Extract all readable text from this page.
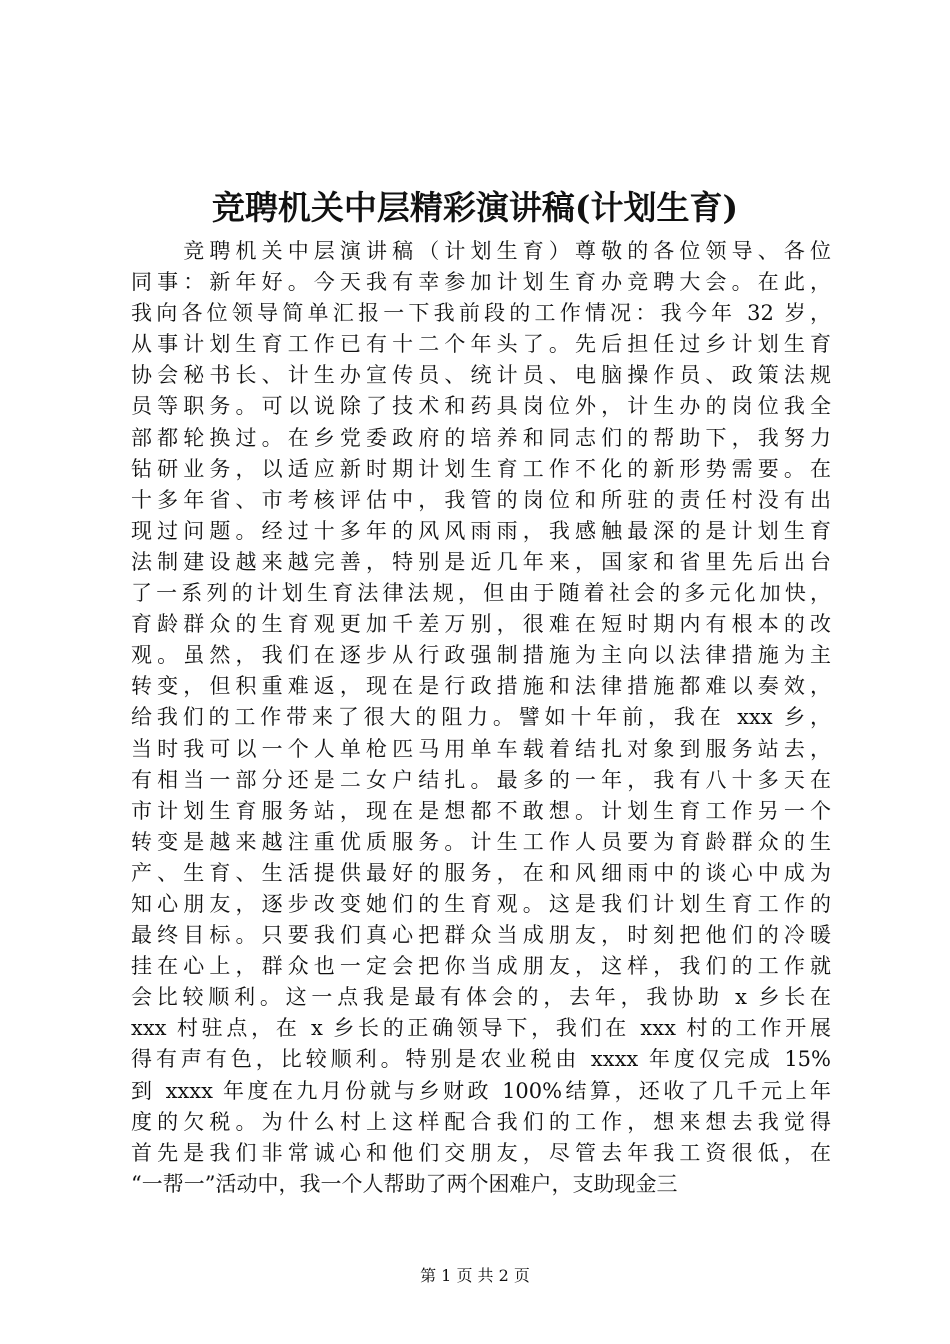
竞聘机关中层精彩演讲稿(计划生育)
　　竞聘机关中层演讲稿（计划生育）尊敬的各位领导、各位
同事：新年好。今天我有幸参加计划生育办竞聘大会。在此，
我向各位领导简单汇报一下我前段的工作情况：我今年 32 岁，
从事计划生育工作已有十二个年头了。先后担任过乡计划生育
协会秘书长、计生办宣传员、统计员、电脑操作员、政策法规
员等职务。可以说除了技术和药具岗位外，计生办的岗位我全
部都轮换过。在乡党委政府的培养和同志们的帮助下，我努力
钻研业务，以适应新时期计划生育工作不化的新形势需要。在
十多年省、市考核评估中，我管的岗位和所驻的责任村没有出
现过问题。经过十多年的风风雨雨，我感触最深的是计划生育
法制建设越来越完善，特别是近几年来，国家和省里先后出台
了一系列的计划生育法律法规，但由于随着社会的多元化加快，
育龄群众的生育观更加千差万别，很难在短时期内有根本的改
观。虽然，我们在逐步从行政强制措施为主向以法律措施为主
转变，但积重难返，现在是行政措施和法律措施都难以奏效，
给我们的工作带来了很大的阻力。譬如十年前，我在 xxx 乡，
当时我可以一个人单枪匹马用单车载着结扎对象到服务站去，
有相当一部分还是二女户结扎。最多的一年，我有八十多天在
市计划生育服务站，现在是想都不敢想。计划生育工作另一个
转变是越来越注重优质服务。计生工作人员要为育龄群众的生
产、生育、生活提供最好的服务，在和风细雨中的谈心中成为
知心朋友，逐步改变她们的生育观。这是我们计划生育工作的
最终目标。只要我们真心把群众当成朋友，时刻把他们的冷暖
挂在心上，群众也一定会把你当成朋友，这样，我们的工作就
会比较顺利。这一点我是最有体会的，去年，我协助 x 乡长在
xxx 村驻点，在 x 乡长的正确领导下，我们在 xxx 村的工作开展
得有声有色，比较顺利。特别是农业税由 xxxx 年度仅完成 15%
到 xxxx 年度在九月份就与乡财政 100%结算，还收了几千元上年
度的欠税。为什么村上这样配合我们的工作，想来想去我觉得
首先是我们非常诚心和他们交朋友，尽管去年我工资很低，在
“一帮一”活动中，我一个人帮助了两个困难户，支助现金三
第 1 页 共 2 页
